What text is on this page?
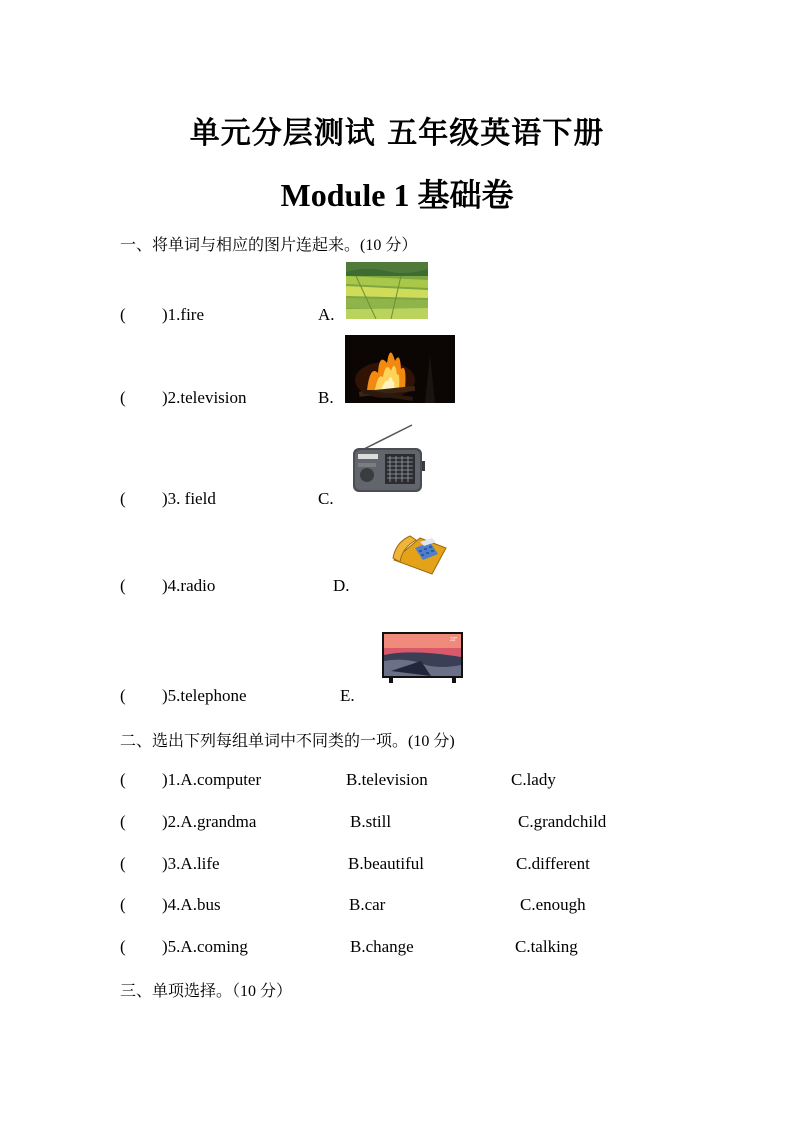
单元分层测试 五年级英语下册
Module 1 基础卷
一、将单词与相应的图片连起来。(10 分）
( )1.fire	A.
( )2.television	B.
( )3. field	C.
( )4.radio	D.
( )5.telephone	E.
32"
二、选出下列每组单词中不同类的一项。(10 分)
( )1.A.computer	B.television	C.lady
( )2.A.grandma	B.still	C.grandchild
( )3.A.life	B.beautiful	C.different
( )4.A.bus	B.car	C.enough
( )5.A.coming	B.change	C.talking
三、单项选择。（10 分）
